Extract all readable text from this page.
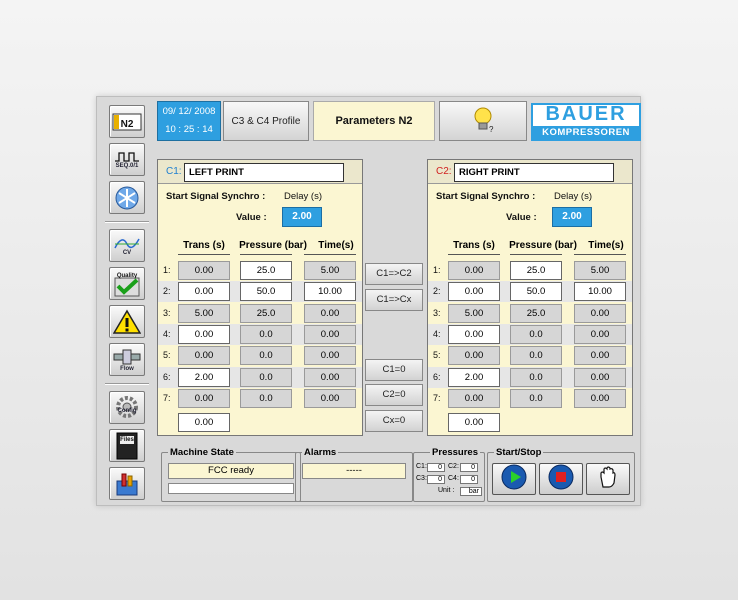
N2
SEQ.0/1
CV
Quality
Flow
Config
Files
09/ 12/ 2008
10 : 25 : 14
C3 & C4 Profile	Parameters N2
?
BAUER
KOMPRESSOREN
C1: LEFT PRINT
Start Signal Synchro : Delay (s)
Value :	2.00
Trans (s)	Pressure (bar)	Time(s)
1:	0.00	25.0	5.00
2:	0.00	50.0	10.00
3:	5.00	25.0	0.00
4:	0.00	0.0	0.00
5:	0.00	0.0	0.00
6:	2.00	0.0	0.00
7:	0.00	0.0	0.00
0.00
C2: RIGHT PRINT
Start Signal Synchro : Delay (s)
Value :	2.00
Trans (s)	Pressure (bar)	Time(s)
1:	0.00	25.0	5.00
2:	0.00	50.0	10.00
3:	5.00	25.0	0.00
4:	0.00	0.0	0.00
5:	0.00	0.0	0.00
6:	2.00	0.0	0.00
7:	0.00	0.0	0.00
0.00
C1=>C2
C1=>Cx
C1=0
C2=0
Cx=0
Machine State
FCC ready
Alarms
-----
Pressures
C1:	0 C2:	0
C3:	0 C4:	0
Unit :	bar
Start/Stop
